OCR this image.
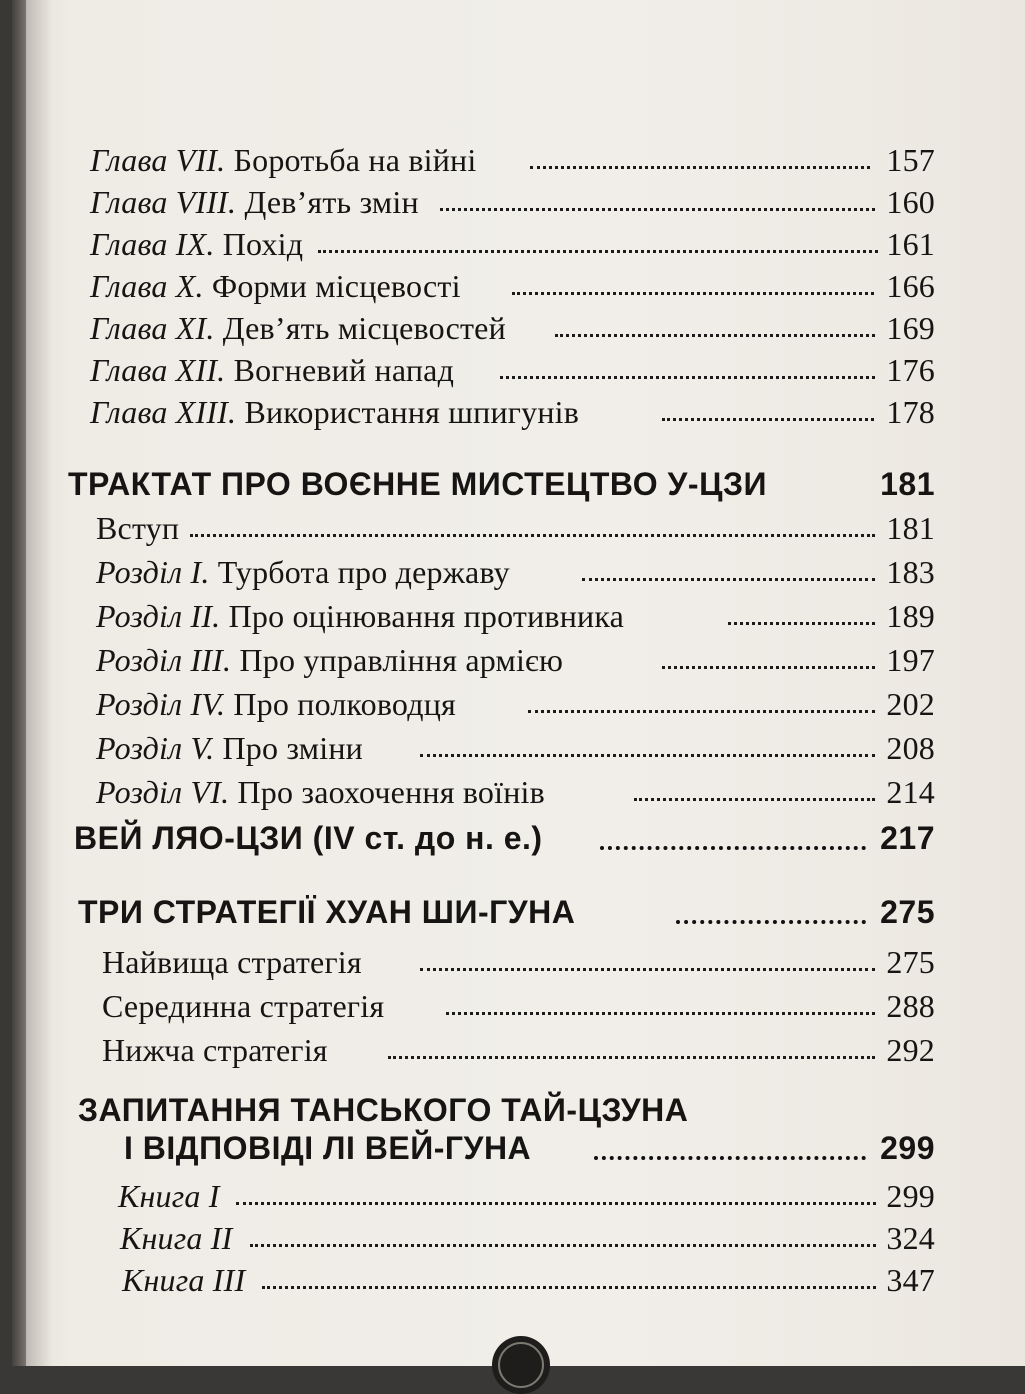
Глава VII. Боротьба на війні	157
Глава VIII. Дев’ять змін	160
Глава IX. Похід	161
Глава X. Форми місцевості	166
Глава XI. Дев’ять місцевостей	169
Глава XII. Вогневий напад	176
Глава XIII. Використання шпигунів	178
ТРАКТАТ ПРО ВОЄННЕ МИСТЕЦТВО У-ЦЗИ	181
Вступ	181
Розділ I. Турбота про державу	183
Розділ II. Про оцінювання противника	189
Розділ III. Про управління армією	197
Розділ IV. Про полководця	202
Розділ V. Про зміни	208
Розділ VI. Про заохочення воїнів	214
ВЕЙ ЛЯО-ЦЗИ (IV ст. до н. е.)	217
ТРИ СТРАТЕГІЇ ХУАН ШИ-ГУНА	275
Найвища стратегія	275
Серединна стратегія	288
Нижча стратегія	292
ЗАПИТАННЯ ТАНСЬКОГО ТАЙ-ЦЗУНА
І ВІДПОВІДІ ЛІ ВЕЙ-ГУНА	299
Книга I	299
Книга II	324
Книга III	347
